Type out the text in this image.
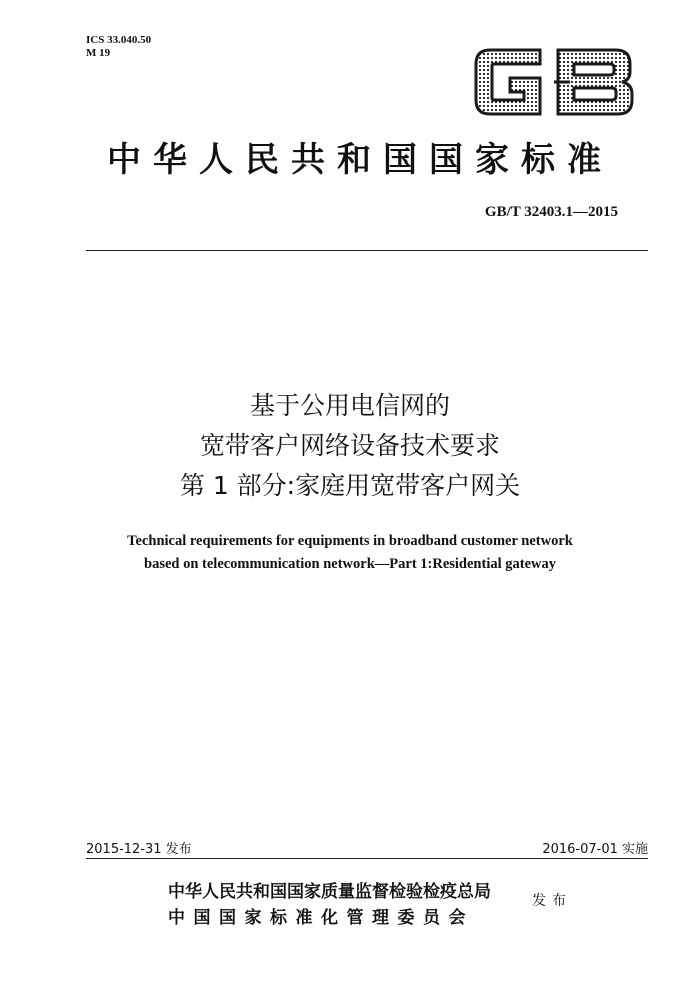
ICS 33.040.50
M 19
中华人民共和国国家标准
GB/T 32403.1—2015
基于公用电信网的
宽带客户网络设备技术要求
第 1 部分:家庭用宽带客户网关
Technical requirements for equipments in broadband customer network
based on telecommunication network—Part 1:Residential gateway
2015-12-31 发布	2016-07-01 实施
中华人民共和国国家质量监督检验检疫总局
中国国家标准化管理委员会
发布
